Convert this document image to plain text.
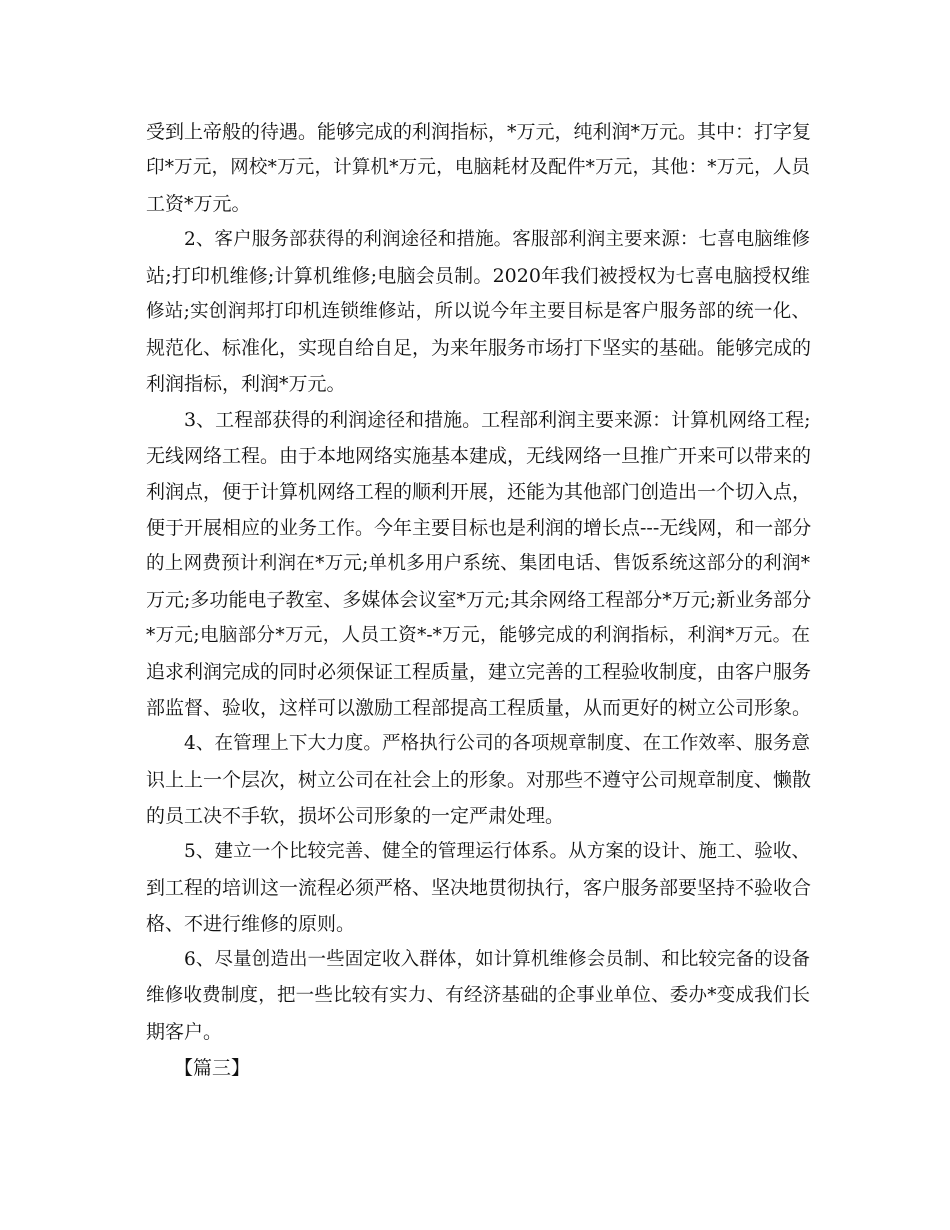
受到上帝般的待遇。能够完成的利润指标，*万元，纯利润*万元。其中：打字复
印*万元，网校*万元，计算机*万元，电脑耗材及配件*万元，其他：*万元，人员
工资*万元。
2、客户服务部获得的利润途径和措施。客服部利润主要来源：七喜电脑维修
站;打印机维修;计算机维修;电脑会员制。2020年我们被授权为七喜电脑授权维
修站;实创润邦打印机连锁维修站，所以说今年主要目标是客户服务部的统一化、
规范化、标准化，实现自给自足，为来年服务市场打下坚实的基础。能够完成的
利润指标，利润*万元。
3、工程部获得的利润途径和措施。工程部利润主要来源：计算机网络工程;
无线网络工程。由于本地网络实施基本建成，无线网络一旦推广开来可以带来的
利润点，便于计算机网络工程的顺利开展，还能为其他部门创造出一个切入点，
便于开展相应的业务工作。今年主要目标也是利润的增长点---无线网，和一部分
的上网费预计利润在*万元;单机多用户系统、集团电话、售饭系统这部分的利润*
万元;多功能电子教室、多媒体会议室*万元;其余网络工程部分*万元;新业务部分
*万元;电脑部分*万元，人员工资*-*万元，能够完成的利润指标，利润*万元。在
追求利润完成的同时必须保证工程质量，建立完善的工程验收制度，由客户服务
部监督、验收，这样可以激励工程部提高工程质量，从而更好的树立公司形象。
4、在管理上下大力度。严格执行公司的各项规章制度、在工作效率、服务意
识上上一个层次，树立公司在社会上的形象。对那些不遵守公司规章制度、懒散
的员工决不手软，损坏公司形象的一定严肃处理。
5、建立一个比较完善、健全的管理运行体系。从方案的设计、施工、验收、
到工程的培训这一流程必须严格、坚决地贯彻执行，客户服务部要坚持不验收合
格、不进行维修的原则。
6、尽量创造出一些固定收入群体，如计算机维修会员制、和比较完备的设备
维修收费制度，把一些比较有实力、有经济基础的企事业单位、委办*变成我们长
期客户。
【篇三】
